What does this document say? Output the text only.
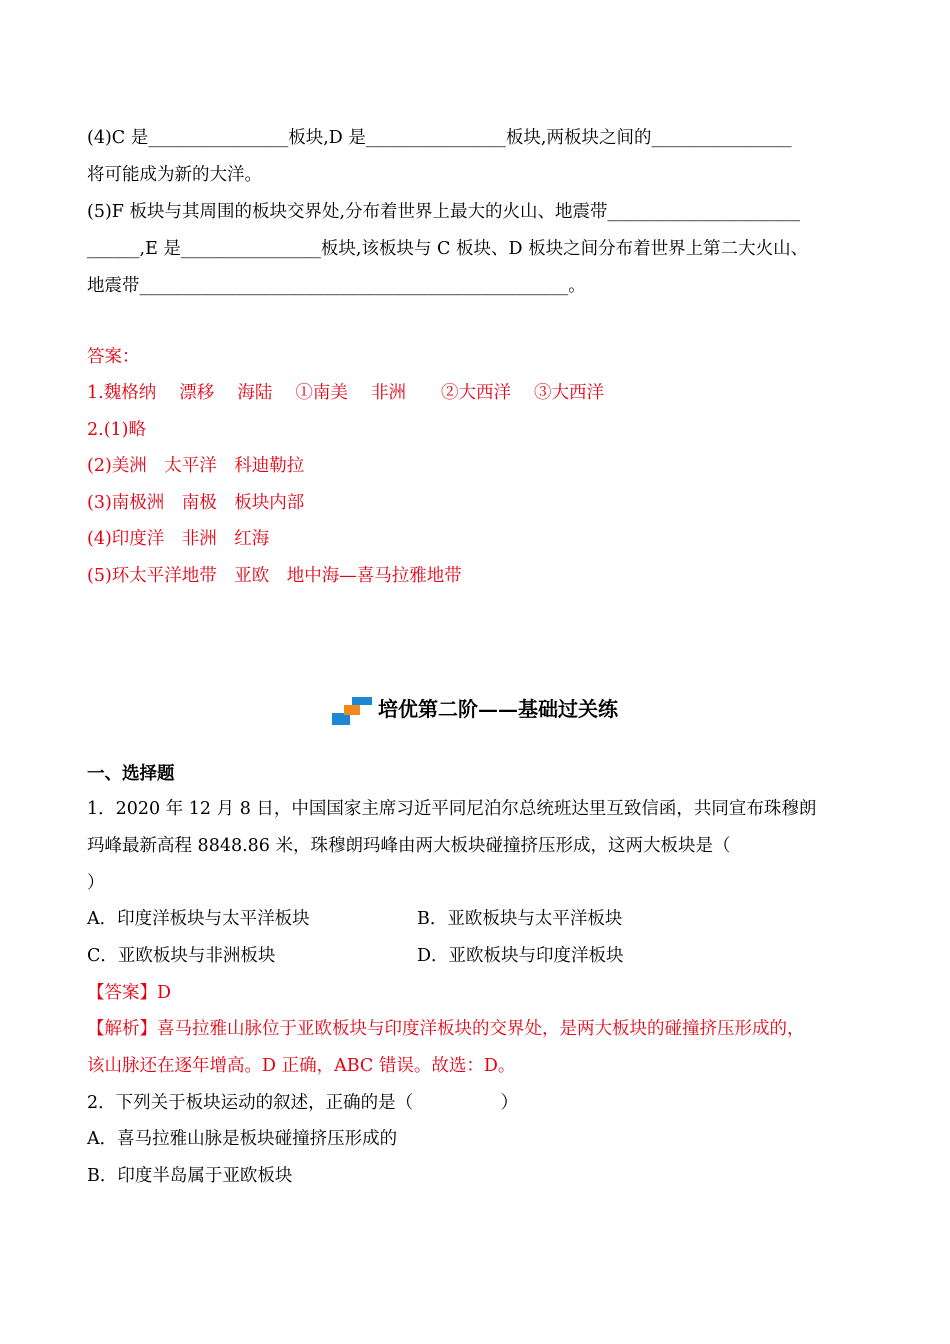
(4)C 是________________板块,D 是________________板块,两板块之间的________________
将可能成为新的大洋。
(5)F 板块与其周围的板块交界处,分布着世界上最大的火山、地震带______________________
______,E 是________________板块,该板块与 C 板块、D 板块之间分布着世界上第二大火山、
地震带_________________________________________________。
答案：
1.魏格纳　 漂移　 海陆　 ①南美　 非洲　　②大西洋　 ③大西洋
2.(1)略
(2)美洲　太平洋　科迪勒拉
(3)南极洲　南极　板块内部
(4)印度洋　非洲　红海
(5)环太平洋地带　亚欧　地中海—喜马拉雅地带
培优第二阶——基础过关练
一、选择题
1．2020 年 12 月 8 日，中国国家主席习近平同尼泊尔总统班达里互致信函，共同宣布珠穆朗
玛峰最新高程 8848.86 米，珠穆朗玛峰由两大板块碰撞挤压形成，这两大板块是（
）
A．印度洋板块与太平洋板块	B．亚欧板块与太平洋板块
C．亚欧板块与非洲板块	D．亚欧板块与印度洋板块
【答案】D
【解析】喜马拉雅山脉位于亚欧板块与印度洋板块的交界处，是两大板块的碰撞挤压形成的，
该山脉还在逐年增高。D 正确，ABC 错误。故选：D。
2．下列关于板块运动的叙述，正确的是（　　　　　）
A．喜马拉雅山脉是板块碰撞挤压形成的
B．印度半岛属于亚欧板块
